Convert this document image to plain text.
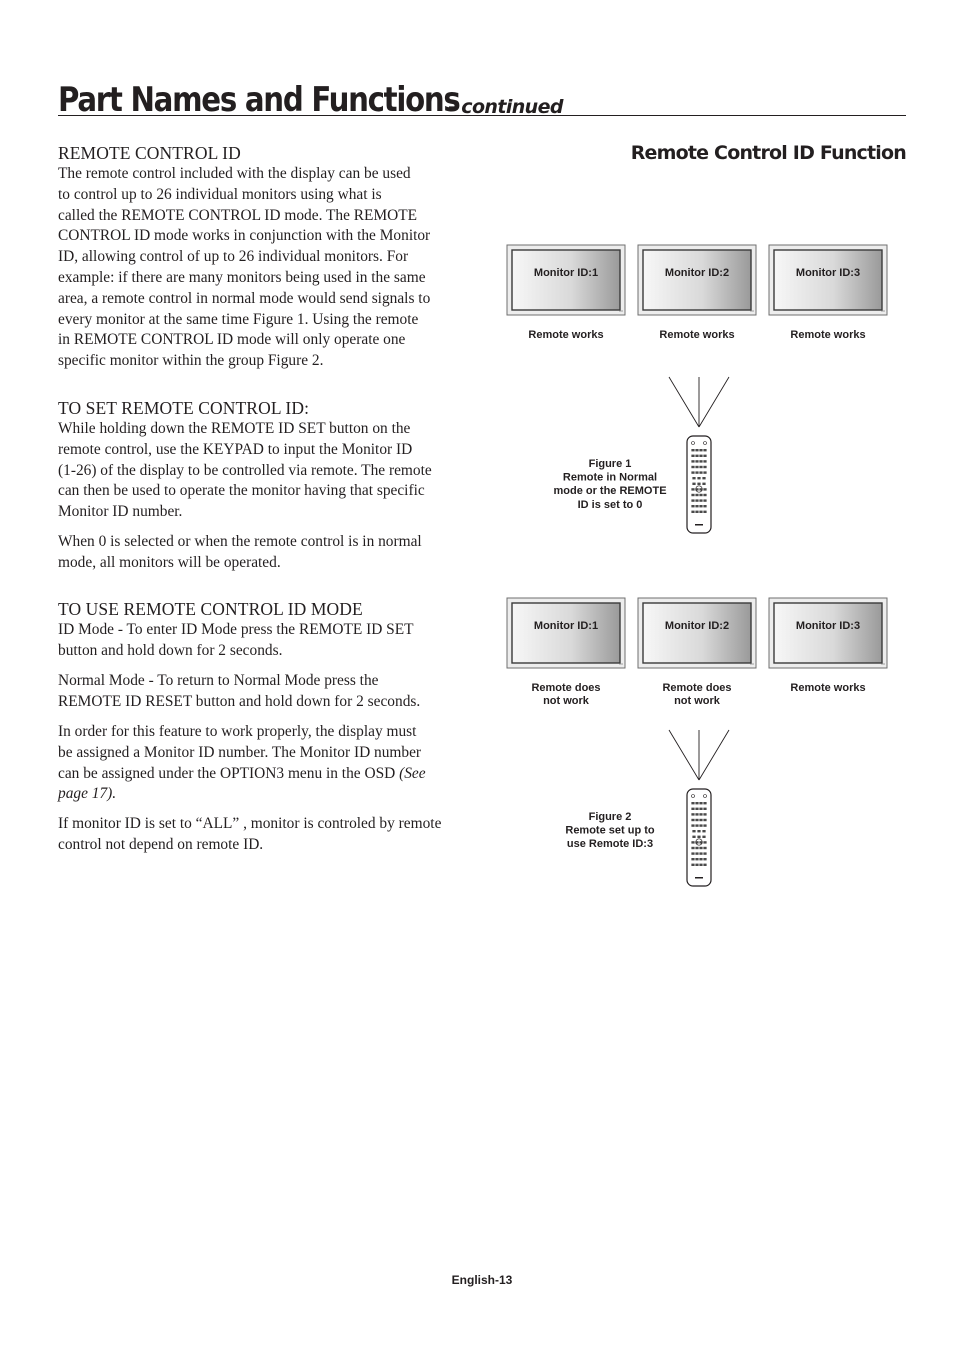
Part Names and Functions
- continued
REMOTE CONTROL ID
The remote control included with the display can be used
to control up to 26 individual monitors using what is
called the REMOTE CONTROL ID mode. The REMOTE
CONTROL ID mode works in conjunction with the Monitor
ID, allowing control of up to 26 individual monitors. For
example: if there are many monitors being used in the same
area, a remote control in normal mode would send signals to
every monitor at the same time Figure 1. Using the remote
in REMOTE CONTROL ID mode will only operate one
specific monitor within the group Figure 2.
TO SET REMOTE CONTROL ID:
While holding down the REMOTE ID SET button on the
remote control, use the KEYPAD to input the Monitor ID
(1-26) of the display to be controlled via remote. The remote
can then be used to operate the monitor having that specific
Monitor ID number.
When 0 is selected or when the remote control is in normal
mode, all monitors will be operated.
TO USE REMOTE CONTROL ID MODE
ID Mode - To enter ID Mode press the REMOTE ID SET
button and hold down for 2 seconds.
Normal Mode - To return to Normal Mode press the
REMOTE ID RESET button and hold down for 2 seconds.
In order for this feature to work properly, the display must
be assigned a Monitor ID number. The Monitor ID number
can be assigned under the OPTION3 menu in the OSD (See
page 17).
If monitor ID is set to “ALL” , monitor is controled by remote
control not depend on remote ID.
Remote Control ID Function
Monitor ID:1	Monitor ID:2	Monitor ID:3
Remote works	Remote works	Remote works
Figure 1
Remote in Normal
mode or the REMOTE
ID is set to 0
Monitor ID:1	Monitor ID:2	Monitor ID:3
Remote does
not work
Remote does
not work
Remote works
Figure 2
Remote set up to
use Remote ID:3
English-13
